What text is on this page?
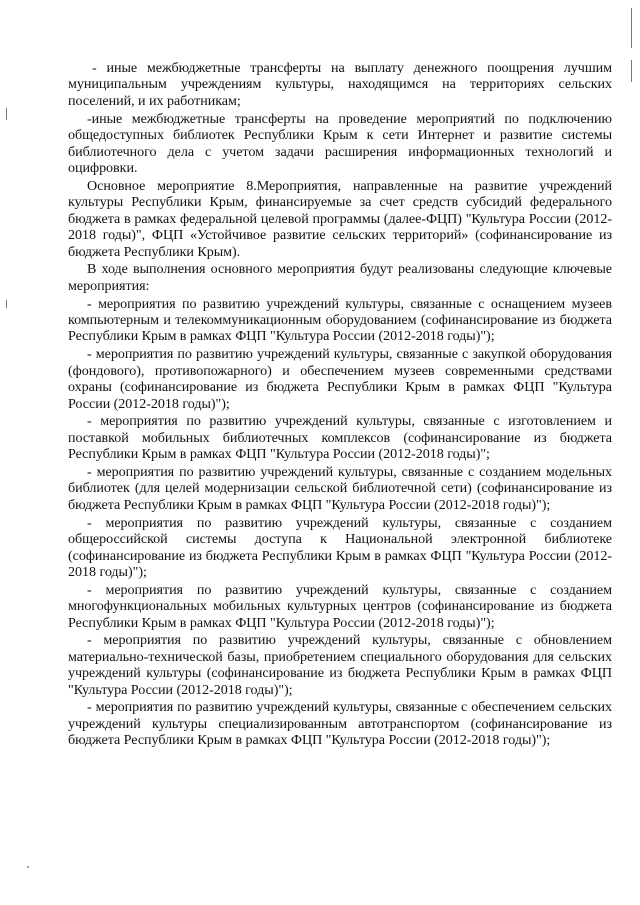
- иные межбюджетные трансферты на выплату денежного поощрения лучшим муниципальным учреждениям культуры, находящимся на территориях сельских поселений, и их работникам;

-иные межбюджетные трансферты на проведение мероприятий по подключению общедоступных библиотек Республики Крым к сети Интернет и развитие системы библиотечного дела с учетом задачи расширения информационных технологий и оцифровки.

Основное мероприятие 8.Мероприятия, направленные на развитие учреждений культуры Республики Крым, финансируемые за счет средств субсидий федерального бюджета в рамках федеральной целевой программы (далее-ФЦП) "Культура России (2012-2018 годы)", ФЦП «Устойчивое развитие сельских территорий» (софинансирование из бюджета Республики Крым).

В ходе выполнения основного мероприятия будут реализованы следующие ключевые мероприятия:

- мероприятия по развитию учреждений культуры, связанные с оснащением музеев компьютерным и телекоммуникационным оборудованием (софинансирование из бюджета Республики Крым в рамках ФЦП "Культура России (2012-2018 годы)");

- мероприятия по развитию учреждений культуры, связанные с закупкой оборудования (фондового), противопожарного) и обеспечением музеев современными средствами охраны (софинансирование из бюджета Республики Крым в рамках ФЦП "Культура России (2012-2018 годы)");

- мероприятия по развитию учреждений культуры, связанные с изготовлением и поставкой мобильных библиотечных комплексов (софинансирование из бюджета Республики Крым в рамках ФЦП "Культура России (2012-2018 годы)";

- мероприятия по развитию учреждений культуры, связанные с созданием модельных библиотек (для целей модернизации сельской библиотечной сети) (софинансирование из бюджета Республики Крым в рамках ФЦП "Культура России (2012-2018 годы)");

- мероприятия по развитию учреждений культуры, связанные с созданием общероссийской системы доступа к Национальной электронной библиотеке (софинансирование из бюджета Республики Крым в рамках ФЦП "Культура России (2012-2018 годы)");

- мероприятия по развитию учреждений культуры, связанные с созданием многофункциональных мобильных культурных центров (софинансирование из бюджета Республики Крым в рамках ФЦП "Культура России (2012-2018 годы)");

- мероприятия по развитию учреждений культуры, связанные с обновлением материально-технической базы, приобретением специального оборудования для сельских учреждений культуры (софинансирование из бюджета Республики Крым в рамках ФЦП "Культура России (2012-2018 годы)");

- мероприятия по развитию учреждений культуры, связанные с обеспечением сельских учреждений культуры специализированным автотранспортом (софинансирование из бюджета Республики Крым в рамках ФЦП "Культура России (2012-2018 годы)");
